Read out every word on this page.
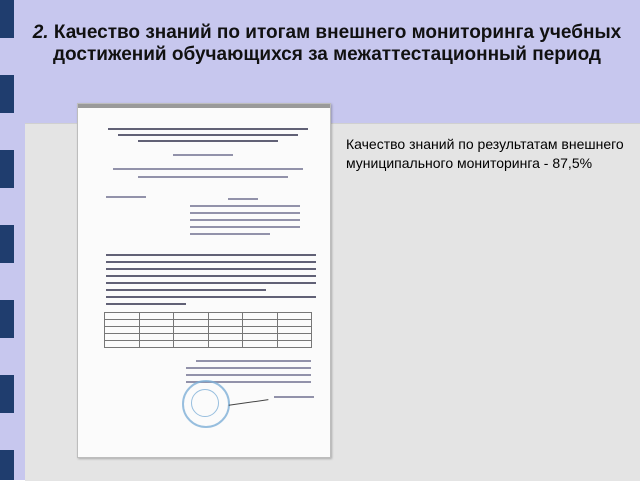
2. Качество знаний по итогам внешнего мониторинга учебных достижений обучающихся за межаттестационный период

Качество знаний по результатам внешнего муниципального мониторинга - 87,5%
